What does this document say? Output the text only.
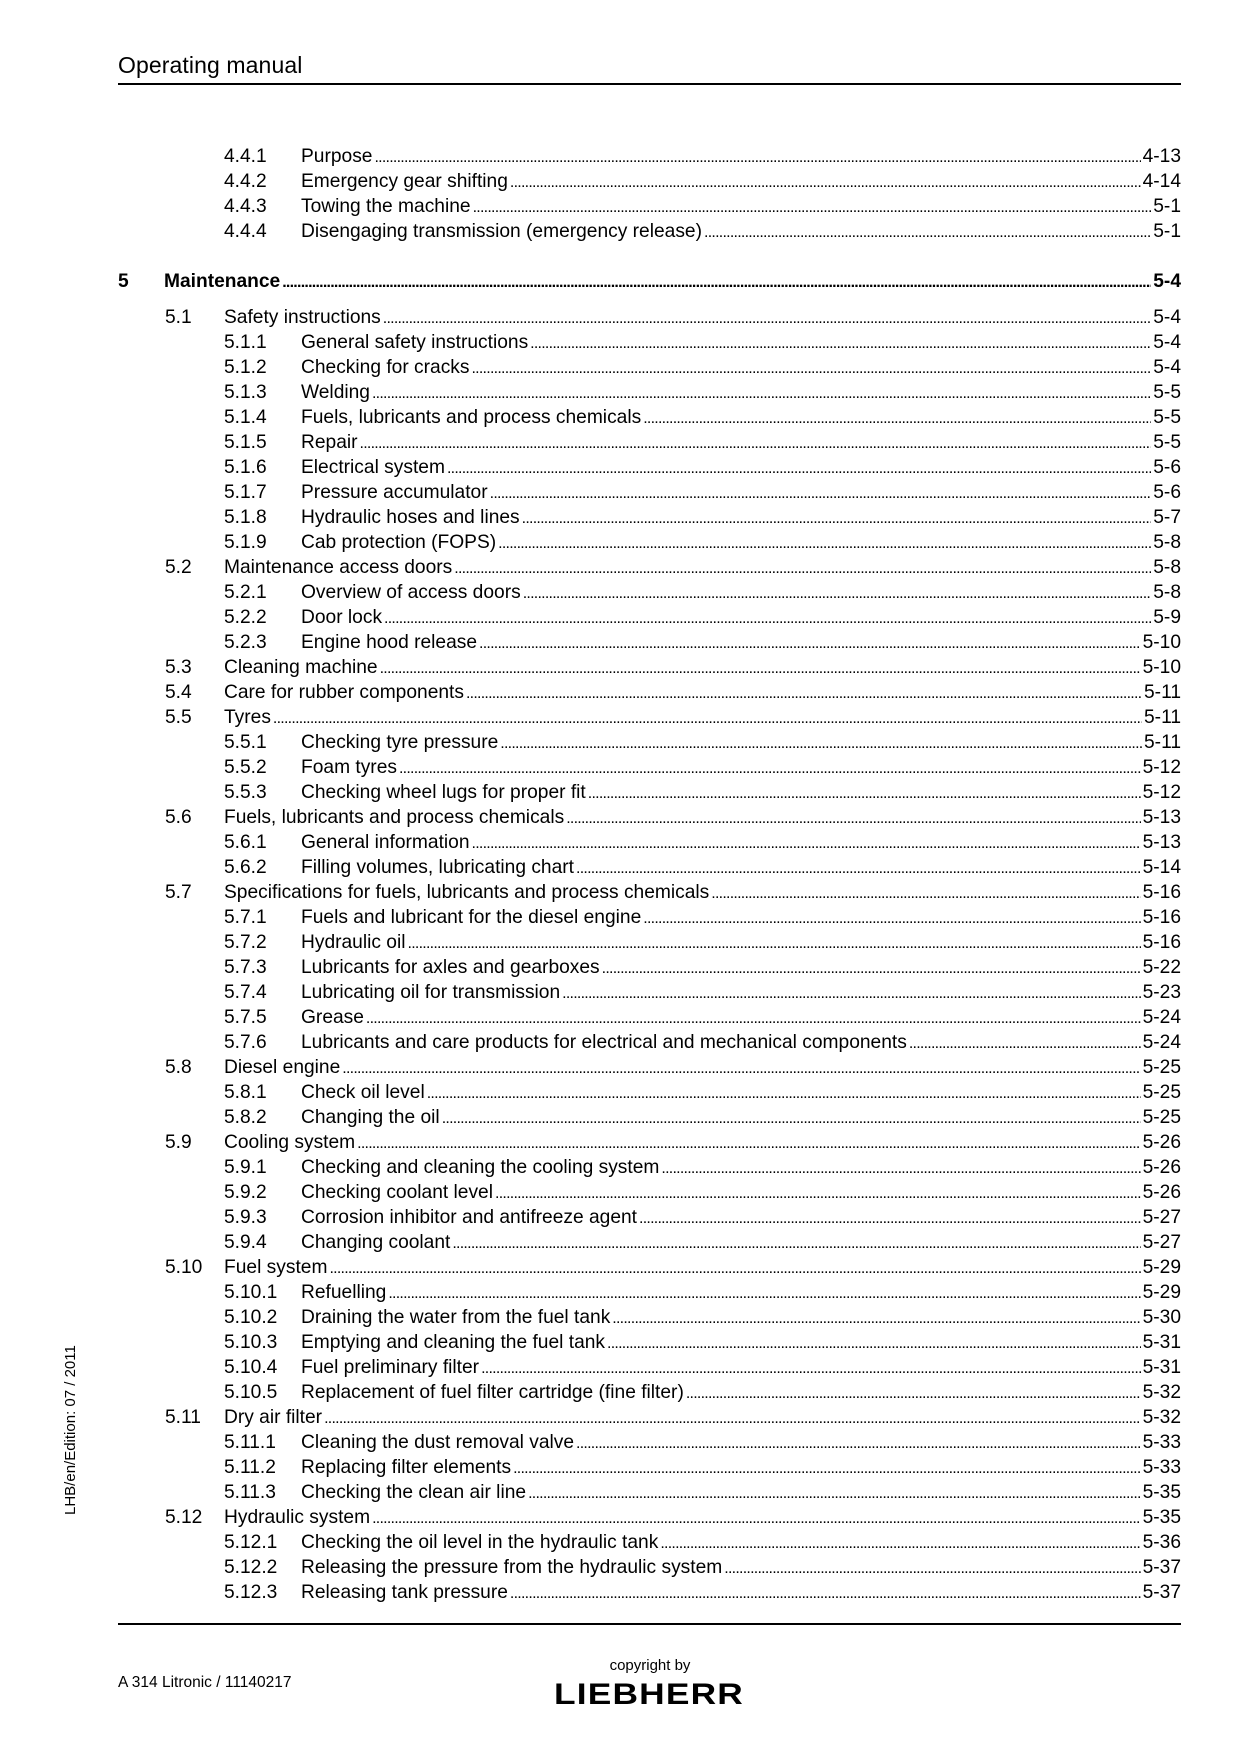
Operating manual
4.4.1 Purpose . . .	4-13
4.4.2 Emergency gear shifting . . .	4-14
4.4.3 Towing the machine . . .	5-1
4.4.4 Disengaging transmission (emergency release) . . .	5-1
5 Maintenance . . .	5-4
5.1 Safety instructions . . .	5-4
5.1.1 General safety instructions . . .	5-4
5.1.2 Checking for cracks . . .	5-4
5.1.3 Welding . . .	5-5
5.1.4 Fuels, lubricants and process chemicals . . .	5-5
5.1.5 Repair . . .	5-5
5.1.6 Electrical system . . .	5-6
5.1.7 Pressure accumulator . . .	5-6
5.1.8 Hydraulic hoses and lines . . .	5-7
5.1.9 Cab protection (FOPS) . . .	5-8
5.2 Maintenance access doors . . .	5-8
5.2.1 Overview of access doors . . .	5-8
5.2.2 Door lock . . .	5-9
5.2.3 Engine hood release . . .	5-10
5.3 Cleaning machine . . .	5-10
5.4 Care for rubber components . . .	5-11
5.5 Tyres . . .	5-11
5.5.1 Checking tyre pressure . . .	5-11
5.5.2 Foam tyres . . .	5-12
5.5.3 Checking wheel lugs for proper fit . . .	5-12
5.6 Fuels, lubricants and process chemicals . . .	5-13
5.6.1 General information . . .	5-13
5.6.2 Filling volumes, lubricating chart . . .	5-14
5.7 Specifications for fuels, lubricants and process chemicals . . .	5-16
5.7.1 Fuels and lubricant for the diesel engine . . .	5-16
5.7.2 Hydraulic oil . . .	5-16
5.7.3 Lubricants for axles and gearboxes . . .	5-22
5.7.4 Lubricating oil for transmission . . .	5-23
5.7.5 Grease . . .	5-24
5.7.6 Lubricants and care products for electrical and mechanical components . . .	5-24
5.8 Diesel engine . . .	5-25
5.8.1 Check oil level . . .	5-25
5.8.2 Changing the oil . . .	5-25
5.9 Cooling system . . .	5-26
5.9.1 Checking and cleaning the cooling system . . .	5-26
5.9.2 Checking coolant level . . .	5-26
5.9.3 Corrosion inhibitor and antifreeze agent . . .	5-27
5.9.4 Changing coolant . . .	5-27
5.10 Fuel system . . .	5-29
5.10.1 Refuelling . . .	5-29
5.10.2 Draining the water from the fuel tank . . .	5-30
5.10.3 Emptying and cleaning the fuel tank . . .	5-31
5.10.4 Fuel preliminary filter . . .	5-31
5.10.5 Replacement of fuel filter cartridge (fine filter) . . .	5-32
5.11 Dry air filter . . .	5-32
5.11.1 Cleaning the dust removal valve . . .	5-33
5.11.2 Replacing filter elements . . .	5-33
5.11.3 Checking the clean air line . . .	5-35
5.12 Hydraulic system . . .	5-35
5.12.1 Checking the oil level in the hydraulic tank . . .	5-36
5.12.2 Releasing the pressure from the hydraulic system . . .	5-37
5.12.3 Releasing tank pressure . . .	5-37
LHB/en/Edition: 07 / 2011
A 314 Litronic / 11140217
copyright by
LIEBHERR
